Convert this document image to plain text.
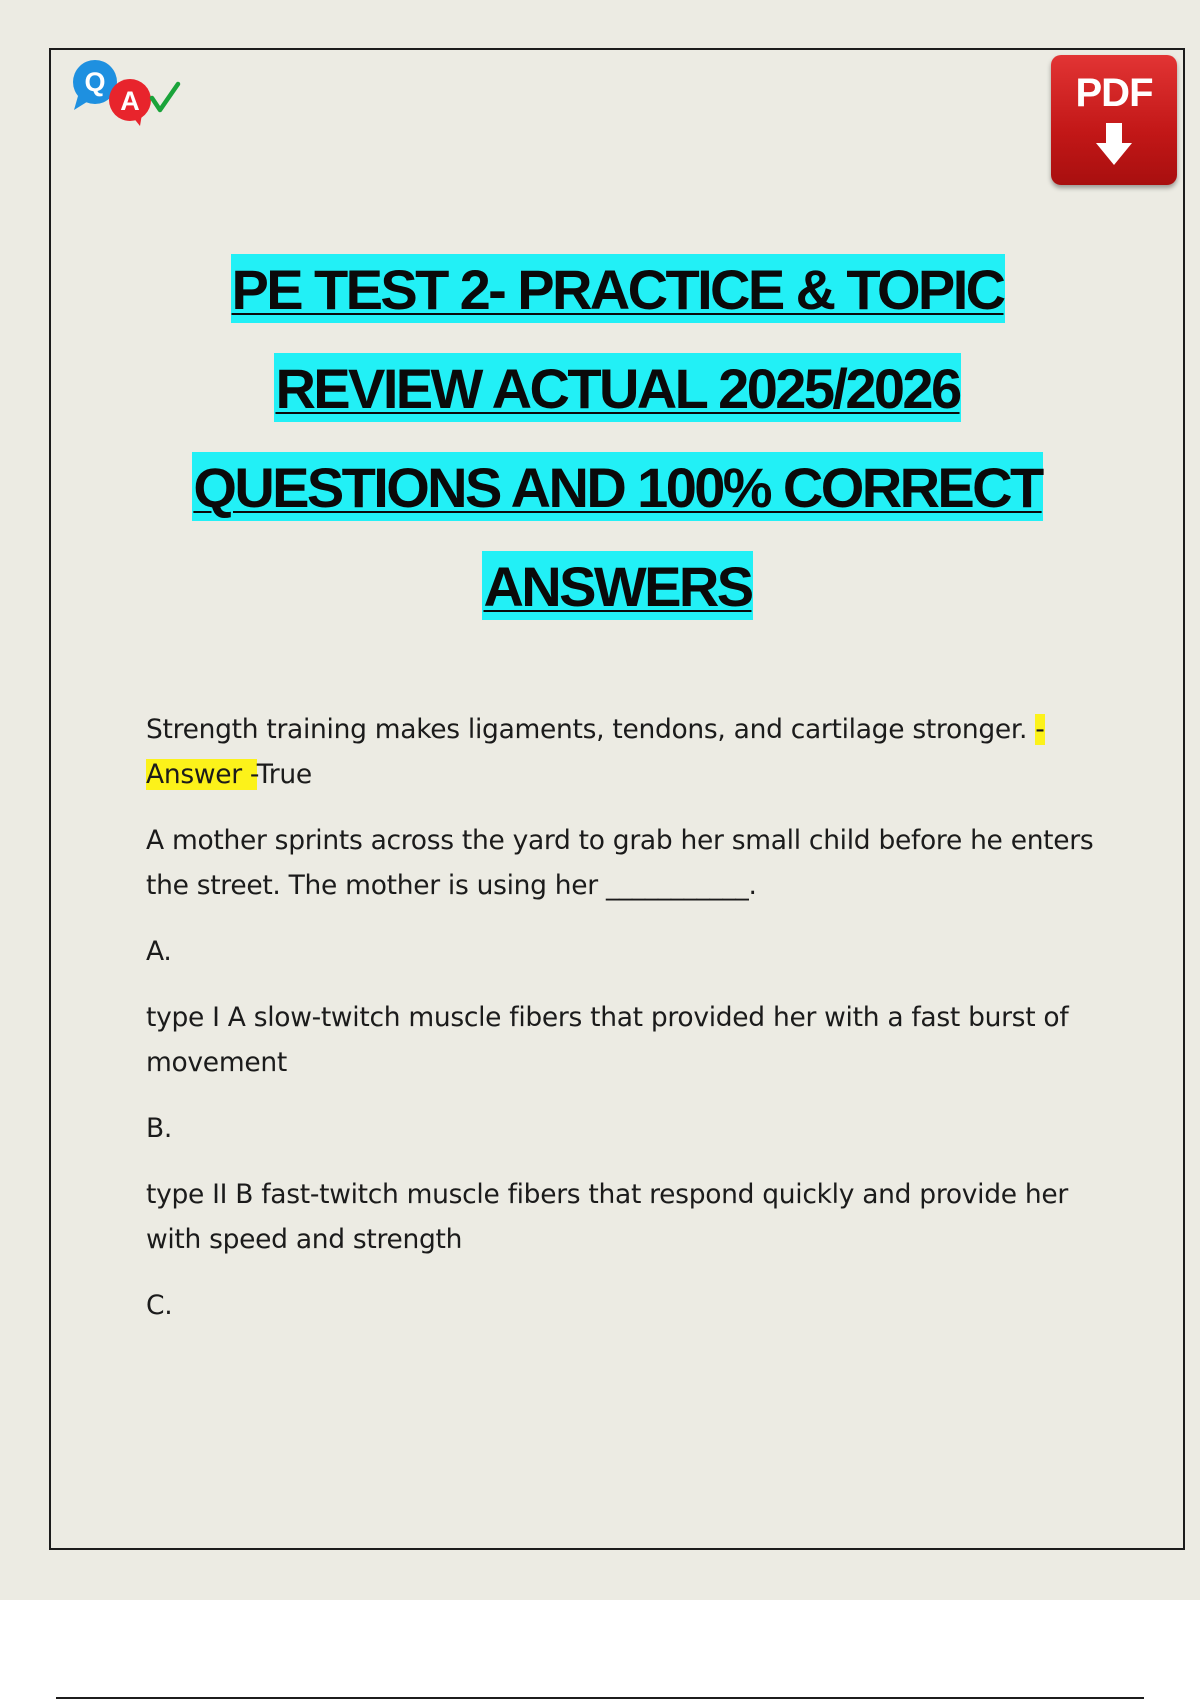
Q
A	PDF
PE TEST 2- PRACTICE & TOPIC
REVIEW ACTUAL 2025/2026
QUESTIONS AND 100% CORRECT
ANSWERS

Strength training makes ligaments, tendons, and cartilage stronger. - Answer -True

A mother sprints across the yard to grab her small child before he enters the street. The mother is using her ___________.

A.

type I A slow-twitch muscle fibers that provided her with a fast burst of movement

B.

type II B fast-twitch muscle fibers that respond quickly and provide her with speed and strength

C.
